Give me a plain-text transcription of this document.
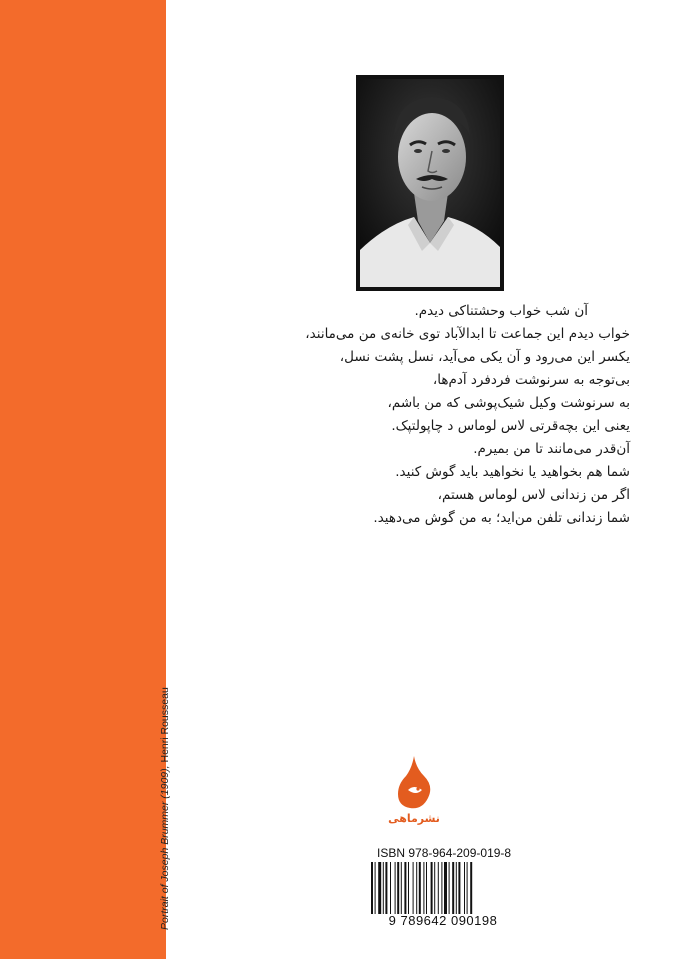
Portrait of Joseph Brummer (1909), Henri Rousseau
آن شب خواب وحشتناکی دیدم.
خواب دیدم این جماعت تا ابدالآباد توی خانه‌ی من می‌مانند،
یکسر این می‌رود و آن یکی می‌آید، نسل پشت نسل،
بی‌توجه به سرنوشت فردفرد آدم‌ها،
به سرنوشت وکیل شیک‌پوشی که من باشم،
یعنی این بچه‌قرتی لاس لوماس د چاپولتپک.
آن‌قدر می‌مانند تا من بمیرم.
شما هم بخواهید یا نخواهید باید گوش کنید.
اگر من زندانی لاس لوماس هستم،
شما زندانی تلفن من‌اید؛ به من گوش می‌دهید.
نشرماهی
ISBN 978-964-209-019-8
9 789642 090198
